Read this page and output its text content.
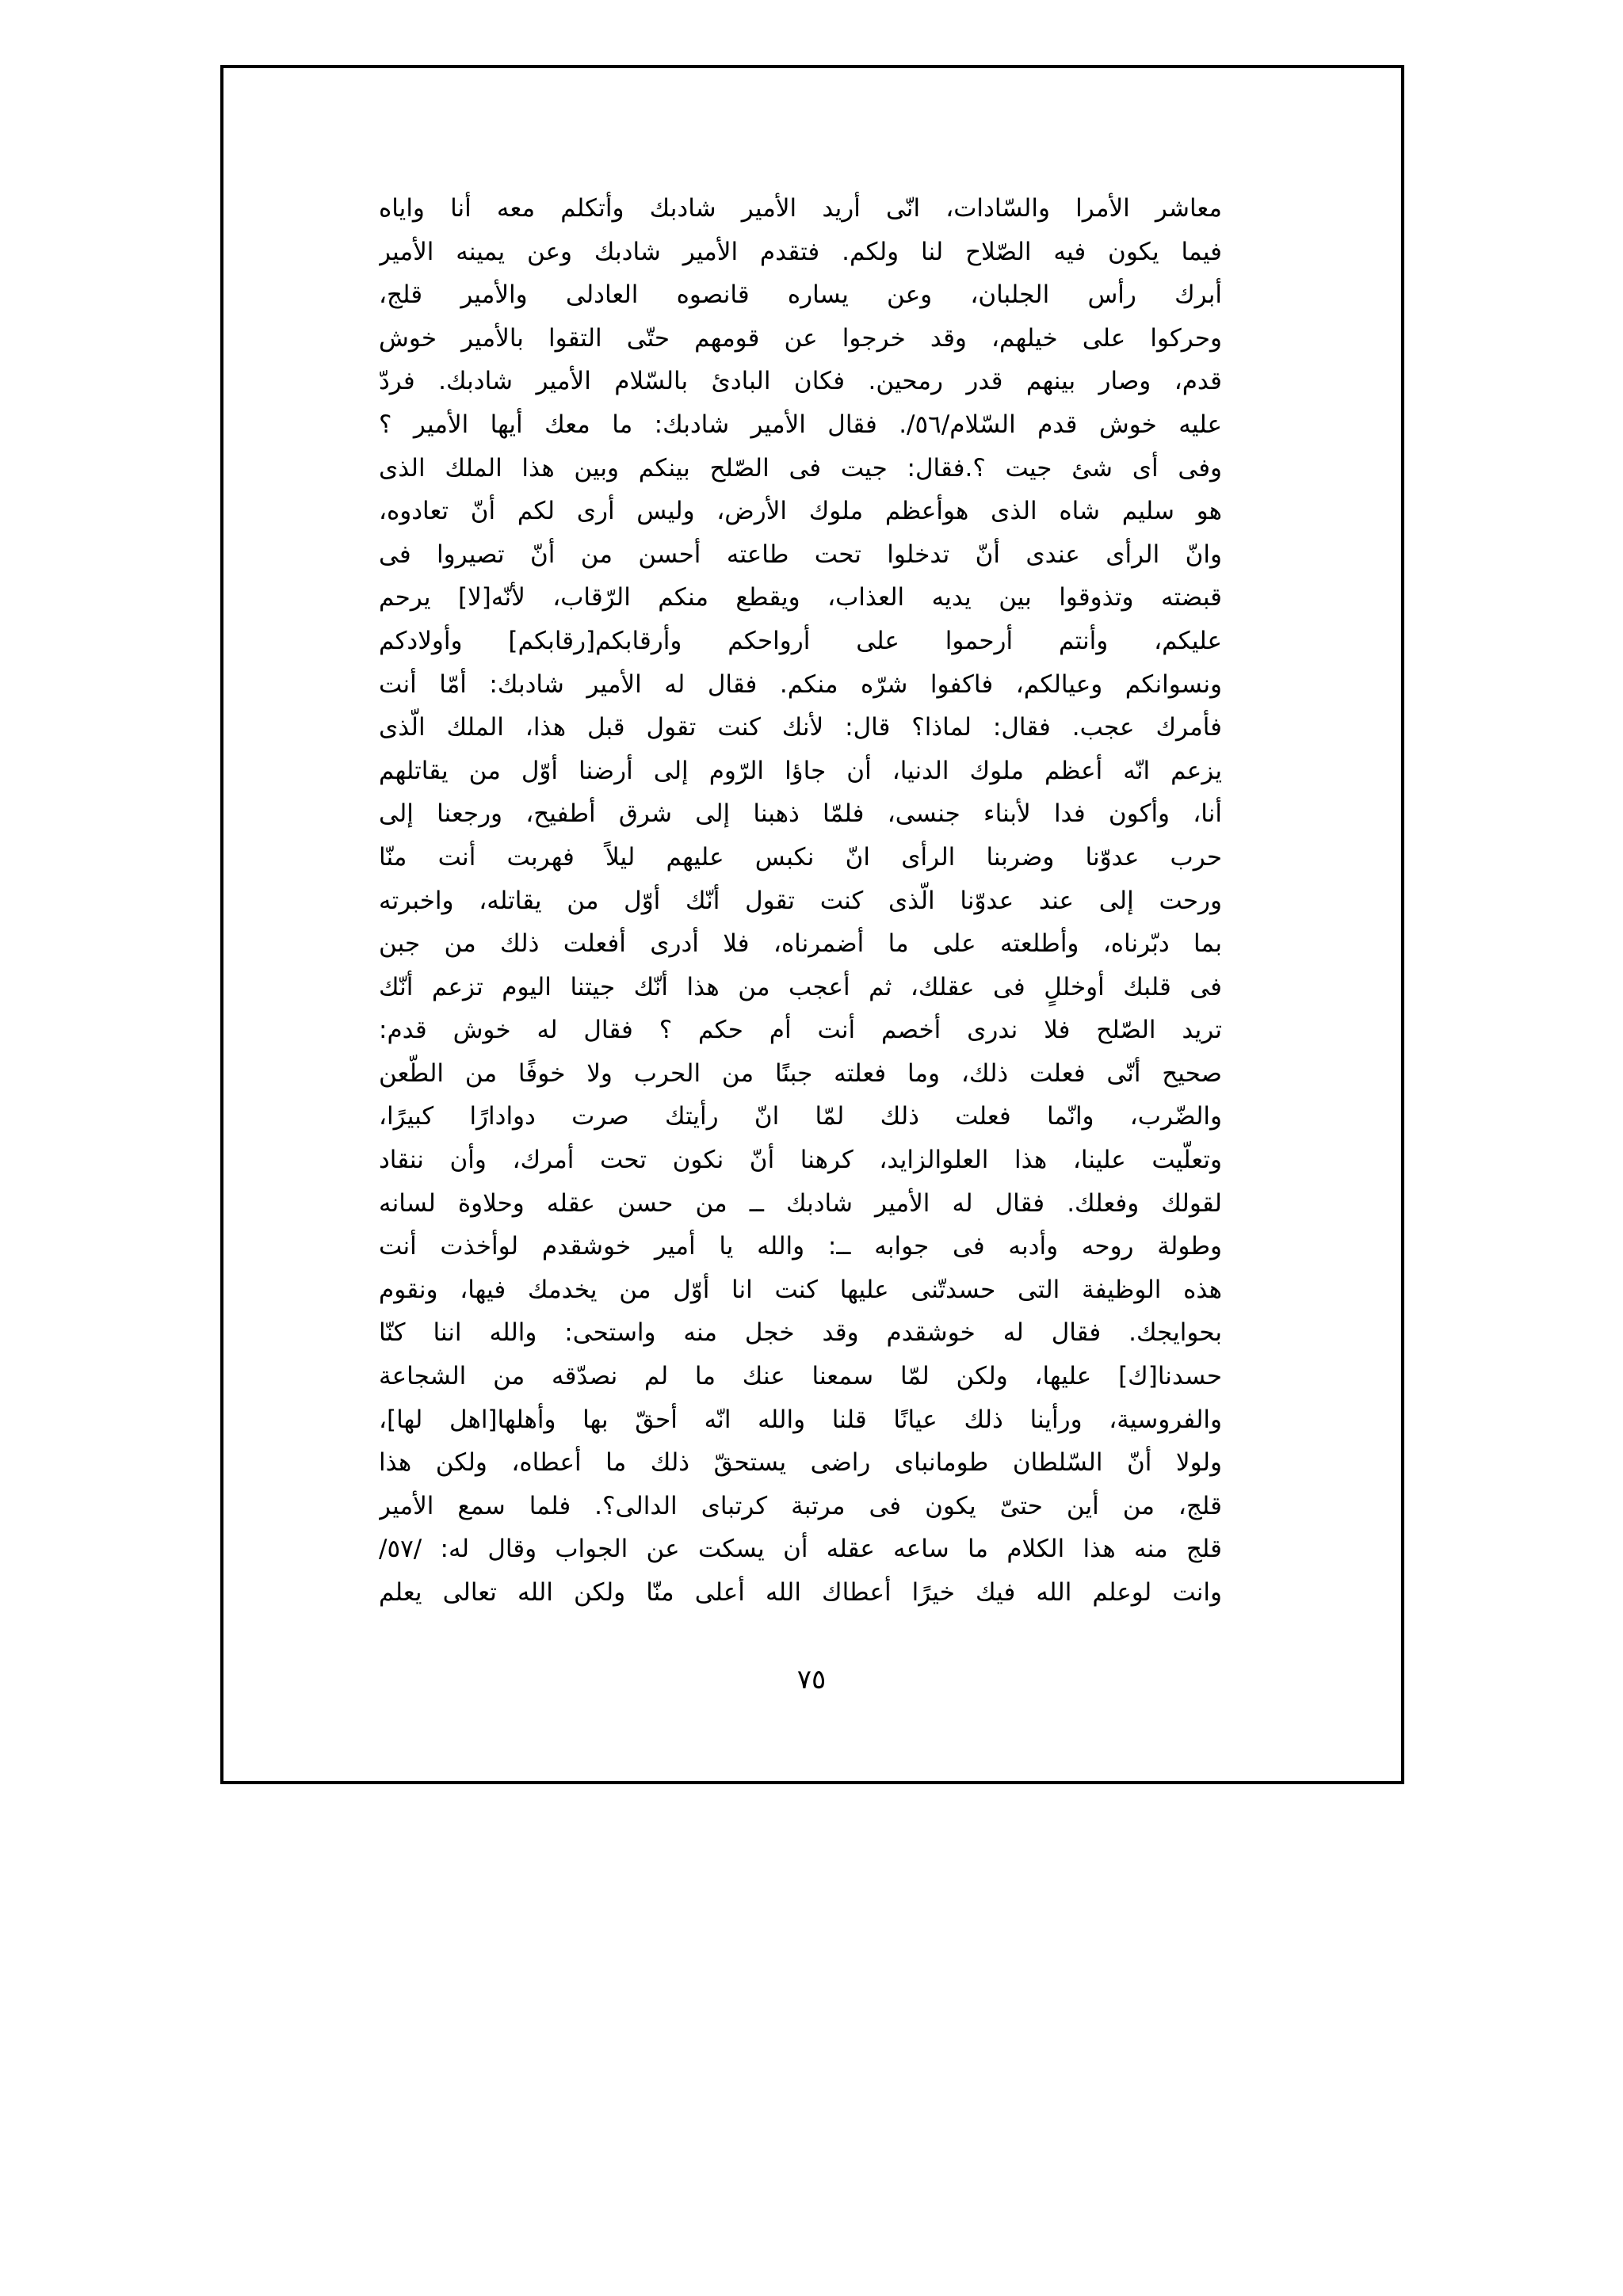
معاشر الأمرا والسّادات، انّى أريد الأمير شادبك وأتكلم معه أنا واياه
فيما يكون فيه الصّلاح لنا ولكم. فتقدم الأمير شادبك وعن يمينه الأمير
أبرك رأس الجلبان، وعن يساره قانصوه العادلى والأمير قلج،
وحركوا على خيلهم، وقد خرجوا عن قومهم حتّى التقوا بالأمير خوش
قدم، وصار بينهم قدر رمحين. فكان البادئ بالسّلام الأمير شادبك. فردّ
عليه خوش قدم السّلام/٥٦/. فقال الأمير شادبك: ما معك أيها الأمير ؟
وفى أى شئ جيت ؟.فقال: جيت فى الصّلح بينكم وبين هذا الملك الذى
هو سليم شاه الذى هوأعظم ملوك الأرض، وليس أرى لكم أنّ تعادوه،
وانّ الرأى عندى أنّ تدخلوا تحت طاعته أحسن من أنّ تصيروا فى
قبضته وتذوقوا بين يديه العذاب، ويقطع منكم الرّقاب، لأنّه[لا] يرحم
عليكم، وأنتم أرحموا على أرواحكم وأرقابكم[رقابكم] وأولادكم
ونسوانكم وعيالكم، فاكفوا شرّه منكم. فقال له الأمير شادبك: أمّا أنت
فأمرك عجب. فقال: لماذا؟ قال: لأنك كنت تقول قبل هذا، الملك الّذى
يزعم انّه أعظم ملوك الدنيا، أن جاؤا الرّوم إلى أرضنا أوّل من يقاتلهم
أنا، وأكون فدا لأبناء جنسى، فلمّا ذهبنا إلى شرق أطفيح، ورجعنا إلى
حرب عدوّنا وضربنا الرأى انّ نكبس عليهم ليلاً فهربت أنت منّا
ورحت إلى عند عدوّنا الّذى كنت تقول أنّك أوّل من يقاتله، واخبرته
بما دبّرناه، وأطلعته على ما أضمرناه، فلا أدرى أفعلت ذلك من جبن
فى قلبك أوخللٍ فى عقلك، ثم أعجب من هذا أنّك جيتنا اليوم تزعم أنّك
تريد الصّلح فلا ندرى أخصم أنت أم حكم ؟ فقال له خوش قدم:
صحيح أنّى فعلت ذلك، وما فعلته جبنًا من الحرب ولا خوفًا من الطّعن
والضّرب، وانّما فعلت ذلك لمّا انّ رأيتك صرت دوادارًا كبيرًا،
وتعلّيت علينا، هذا العلوالزايد، كرهنا أنّ نكون تحت أمرك، وأن ننقاد
لقولك وفعلك. فقال له الأمير شادبك ــ من حسن عقله وحلاوة لسانه
وطولة روحه وأدبه فى جوابه ــ: والله يا أمير خوشقدم لوأخذت أنت
هذه الوظيفة التى حسدتّنى عليها كنت انا أوّل من يخدمك فيها، ونقوم
بحوايجك. فقال له خوشقدم وقد خجل منه واستحى: والله اننا كنّا
حسدنا[ك] عليها، ولكن لمّا سمعنا عنك ما لم نصدّقه من الشجاعة
والفروسية، ورأينا ذلك عيانًا قلنا والله انّه أحقّ بها وأهلها[اهل لها]،
ولولا أنّ السّلطان طومانباى راضى يستحقّ ذلك ما أعطاه، ولكن هذا
قلج، من أين حتىّ يكون فى مرتبة كرتباى الدالى؟. فلما سمع الأمير
قلج منه هذا الكلام ما ساعه عقله أن يسكت عن الجواب وقال له: /٥٧/
وانت لوعلم الله فيك خيرًا أعطاك الله أعلى منّا ولكن الله تعالى يعلم
٧٥
